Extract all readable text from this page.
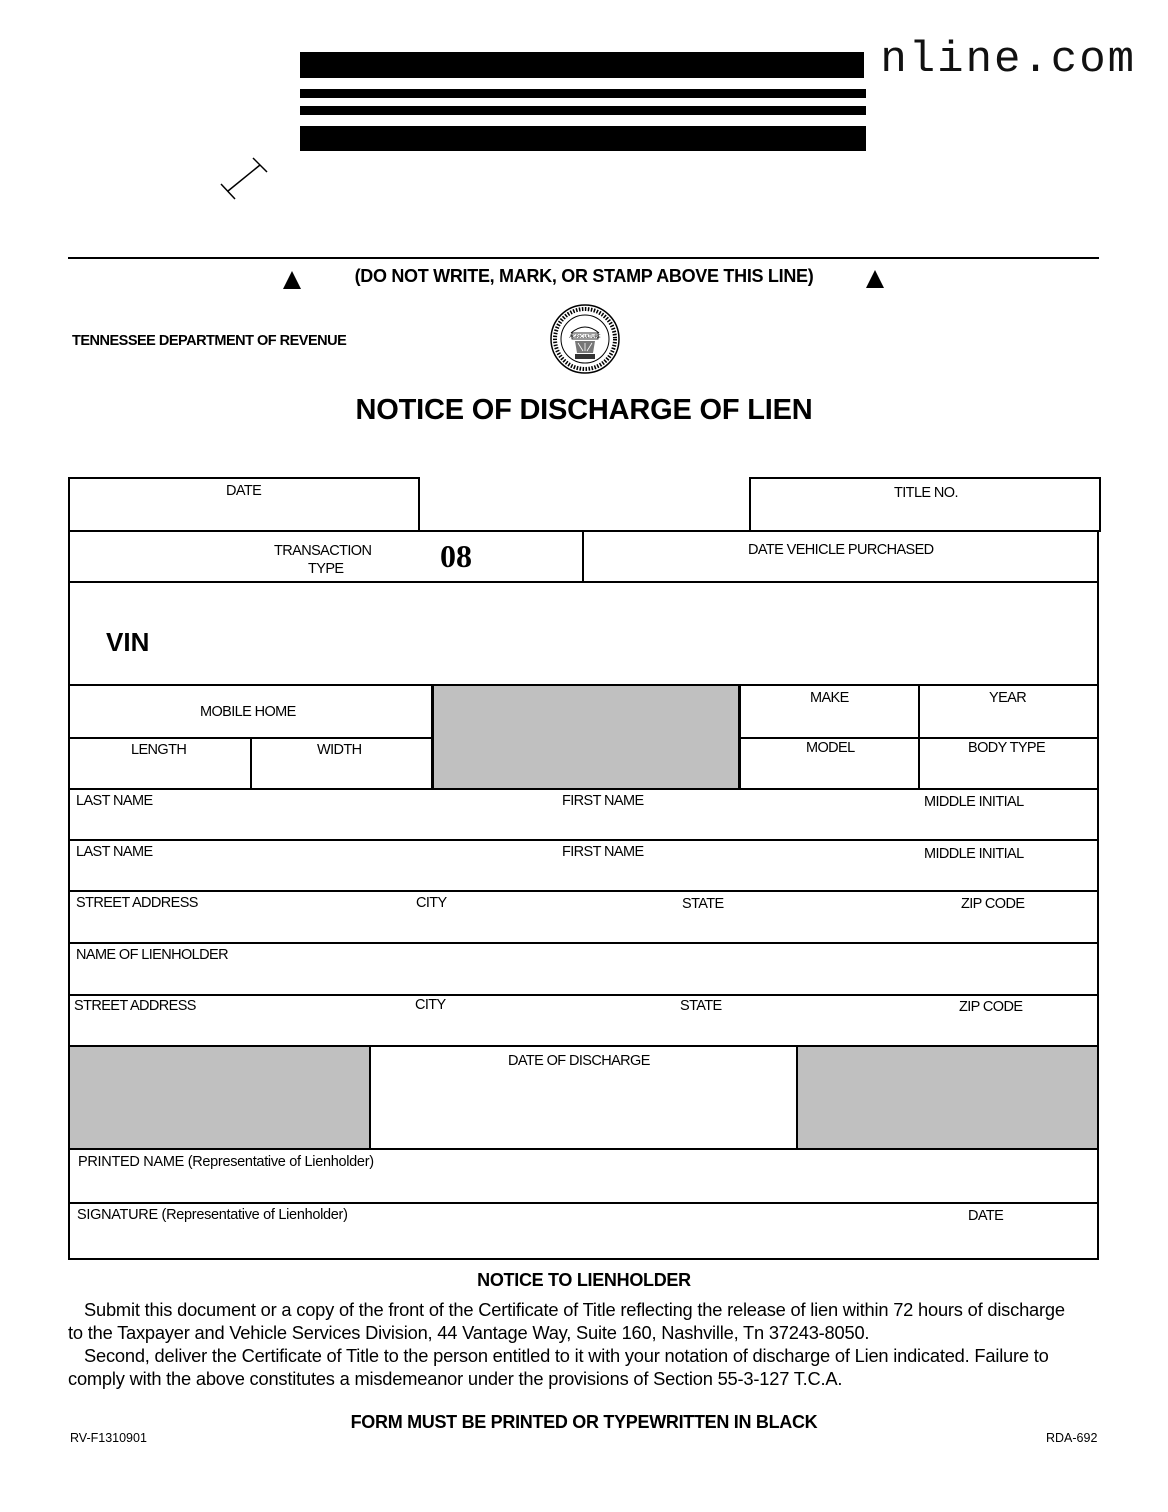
nline.com
(DO NOT WRITE, MARK, OR STAMP ABOVE THIS LINE)
TENNESSEE DEPARTMENT OF REVENUE	AGRICULTURE
NOTICE OF DISCHARGE OF LIEN
DATE	TITLE NO.
TRANSACTION
TYPE	08	DATE VEHICLE PURCHASED
VIN
MOBILE HOME
LENGTH	WIDTH
MAKE	YEAR
MODEL	BODY TYPE
LAST NAME	FIRST NAME	MIDDLE INITIAL
LAST NAME	FIRST NAME	MIDDLE INITIAL
STREET ADDRESS	CITY	STATE	ZIP CODE
NAME OF LIENHOLDER
STREET ADDRESS	CITY	STATE	ZIP CODE
DATE OF DISCHARGE
PRINTED NAME (Representative of Lienholder)
SIGNATURE (Representative of Lienholder)	DATE
NOTICE TO LIENHOLDER
Submit this document or a copy of the front of the Certificate of Title reflecting the release of lien within 72 hours of discharge
to the Taxpayer and Vehicle Services Division, 44 Vantage Way, Suite 160, Nashville, Tn 37243-8050.
Second, deliver the Certificate of Title to the person entitled to it with your notation of discharge of Lien indicated. Failure to
comply with the above constitutes a misdemeanor under the provisions of Section 55-3-127 T.C.A.
FORM MUST BE PRINTED OR TYPEWRITTEN IN BLACK
RV-F1310901	RDA-692
